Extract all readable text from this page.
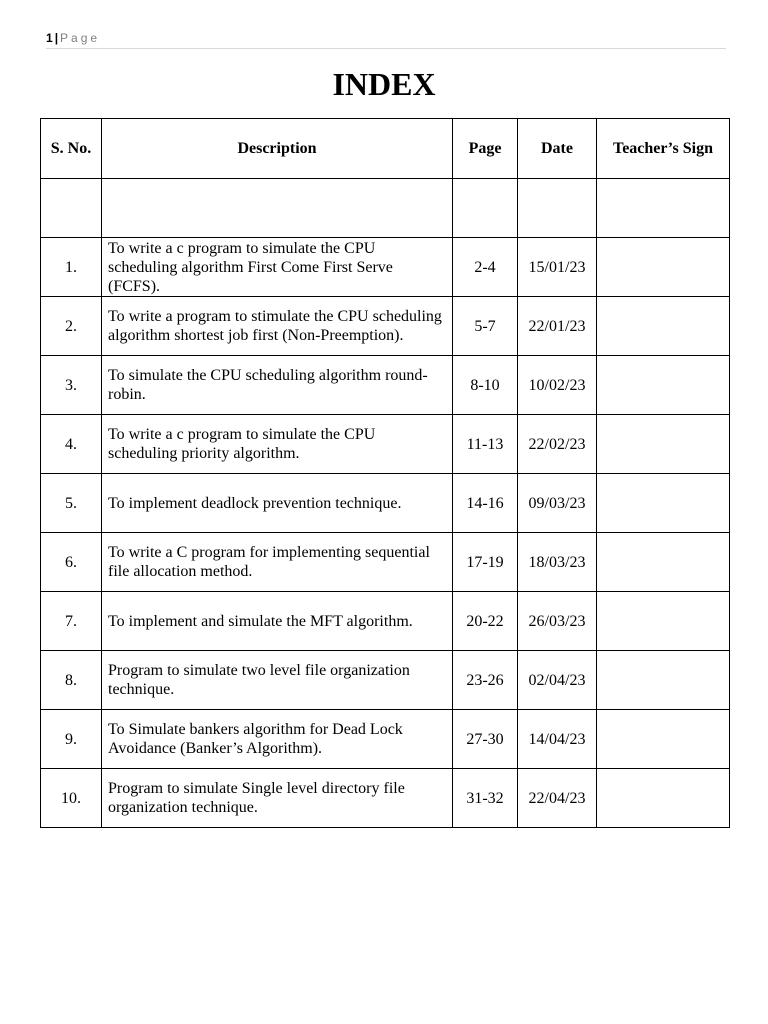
1 | Page
INDEX
S. No.	Description	Page	Date	Teacher’s Sign

1.	To write a c program to simulate the CPU scheduling algorithm First Come First Serve (FCFS).	2-4	15/01/23	
2.	To write a program to stimulate the CPU scheduling algorithm shortest job first (Non-Preemption).	5-7	22/01/23	
3.	To simulate the CPU scheduling algorithm round-robin.	8-10	10/02/23	
4.	To write a c program to simulate the CPU scheduling priority algorithm.	11-13	22/02/23	
5.	To implement deadlock prevention technique.	14-16	09/03/23	
6.	To write a C program for implementing sequential file allocation method.	17-19	18/03/23	
7.	To implement and simulate the MFT algorithm.	20-22	26/03/23	
8.	Program to simulate two level file organization technique.	23-26	02/04/23	
9.	To Simulate bankers algorithm for Dead Lock Avoidance (Banker’s Algorithm).	27-30	14/04/23	
10.	Program to simulate Single level directory file organization technique.	31-32	22/04/23	
